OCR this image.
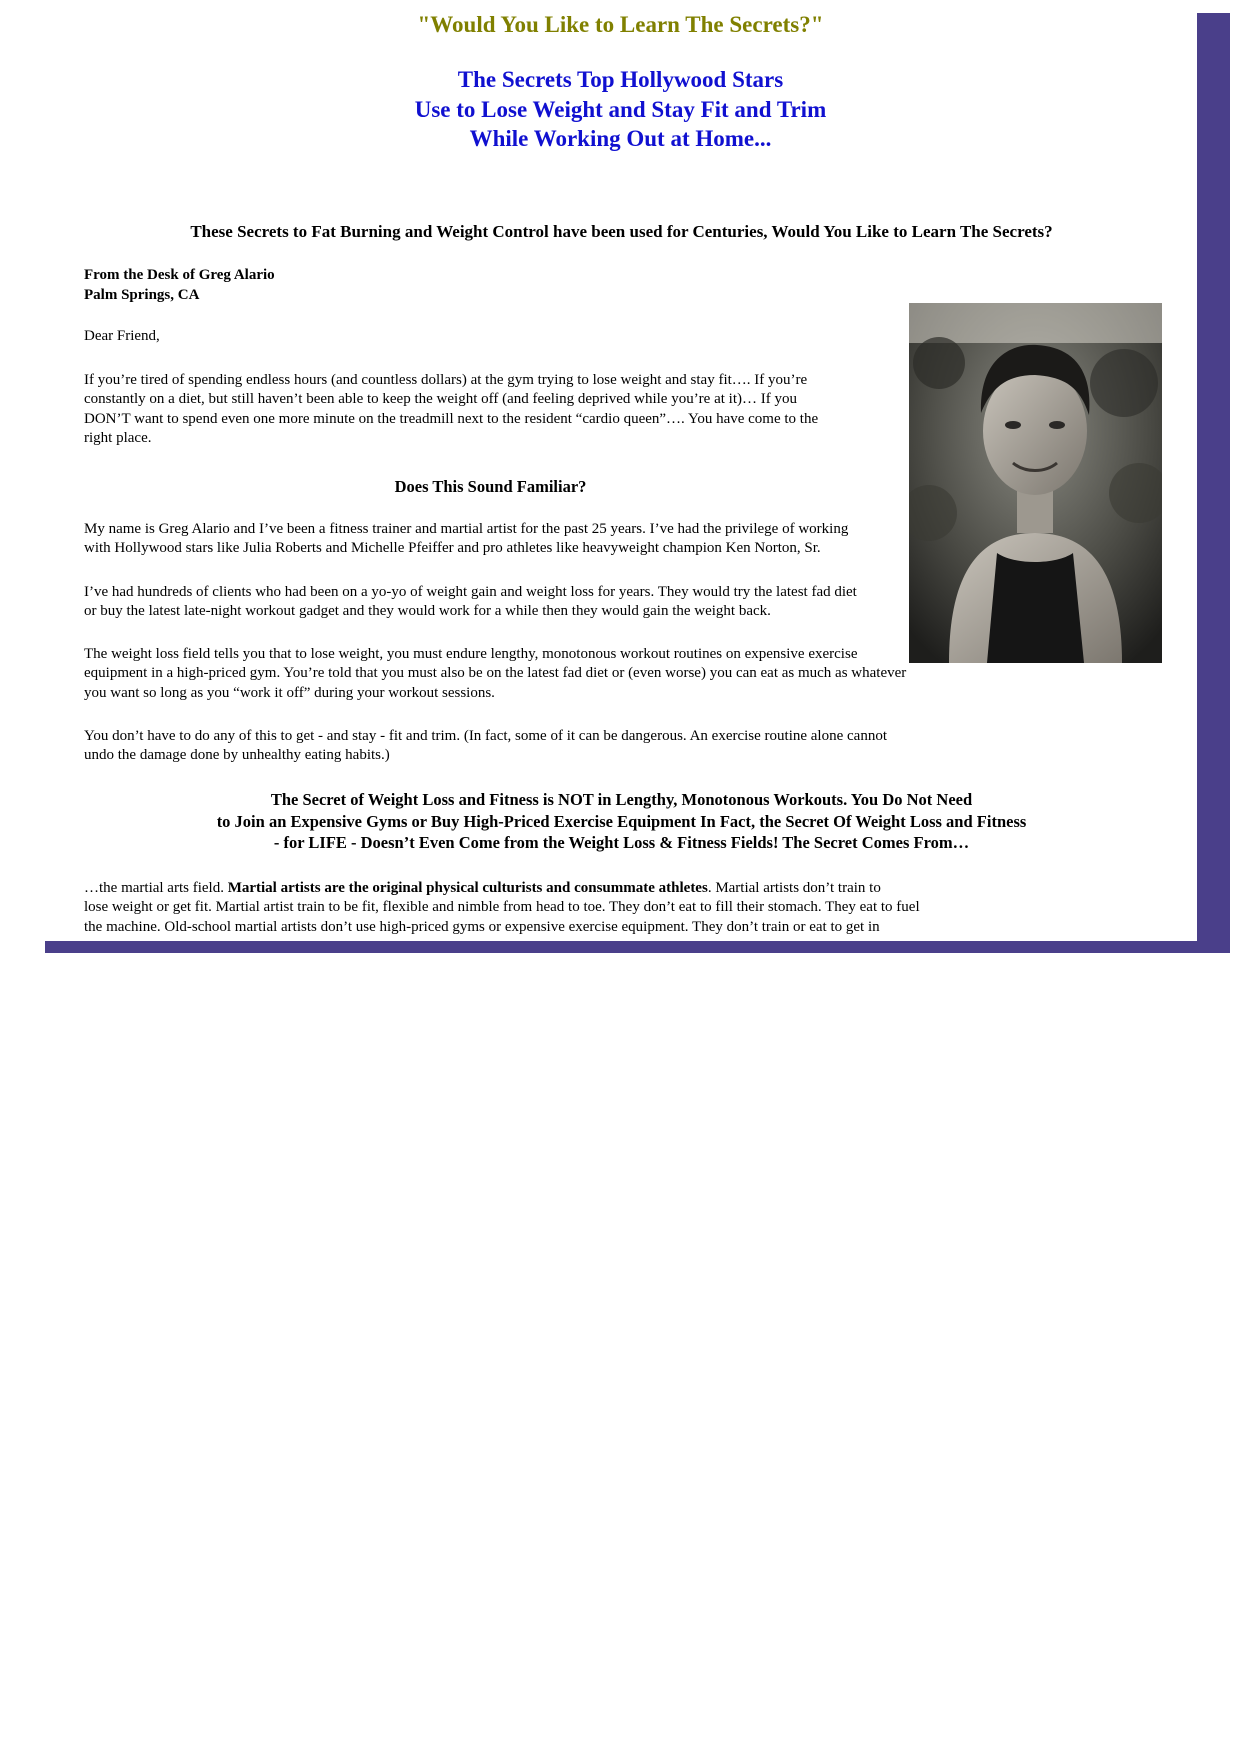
"Would You Like to Learn The Secrets?"
The Secrets Top Hollywood Stars
Use to Lose Weight and Stay Fit and Trim
While Working Out at Home...
These Secrets to Fat Burning and Weight Control have been used for Centuries, Would You Like to Learn The Secrets?
From the Desk of Greg Alario
Palm Springs, CA
Dear Friend,
If you’re tired of spending endless hours (and countless dollars) at the gym trying to lose weight and stay fit…. If you’re
constantly on a diet, but still haven’t been able to keep the weight off (and feeling deprived while you’re at it)… If you
DON’T want to spend even one more minute on the treadmill next to the resident “cardio queen”…. You have come to the
right place.
Does This Sound Familiar?
My name is Greg Alario and I’ve been a fitness trainer and martial artist for the past 25 years. I’ve had the privilege of working
with Hollywood stars like Julia Roberts and Michelle Pfeiffer and pro athletes like heavyweight champion Ken Norton, Sr.
I’ve had hundreds of clients who had been on a yo-yo of weight gain and weight loss for years. They would try the latest fad diet
or buy the latest late-night workout gadget and they would work for a while then they would gain the weight back.
The weight loss field tells you that to lose weight, you must endure lengthy, monotonous workout routines on expensive exercise
equipment in a high-priced gym. You’re told that you must also be on the latest fad diet or (even worse) you can eat as much as whatever
you want so long as you “work it off” during your workout sessions.
You don’t have to do any of this to get - and stay - fit and trim. (In fact, some of it can be dangerous. An exercise routine alone cannot
undo the damage done by unhealthy eating habits.)
The Secret of Weight Loss and Fitness is NOT in Lengthy, Monotonous Workouts. You Do Not Need
to Join an Expensive Gyms or Buy High-Priced Exercise Equipment In Fact, the Secret Of Weight Loss and Fitness
- for LIFE - Doesn’t Even Come from the Weight Loss & Fitness Fields! The Secret Comes From…
…the martial arts field. Martial artists are the original physical culturists and consummate athletes. Martial artists don’t train to
lose weight or get fit. Martial artist train to be fit, flexible and nimble from head to toe. They don’t eat to fill their stomach. They eat to fuel
the machine. Old-school martial artists don’t use high-priced gyms or expensive exercise equipment. They don’t train or eat to get in
